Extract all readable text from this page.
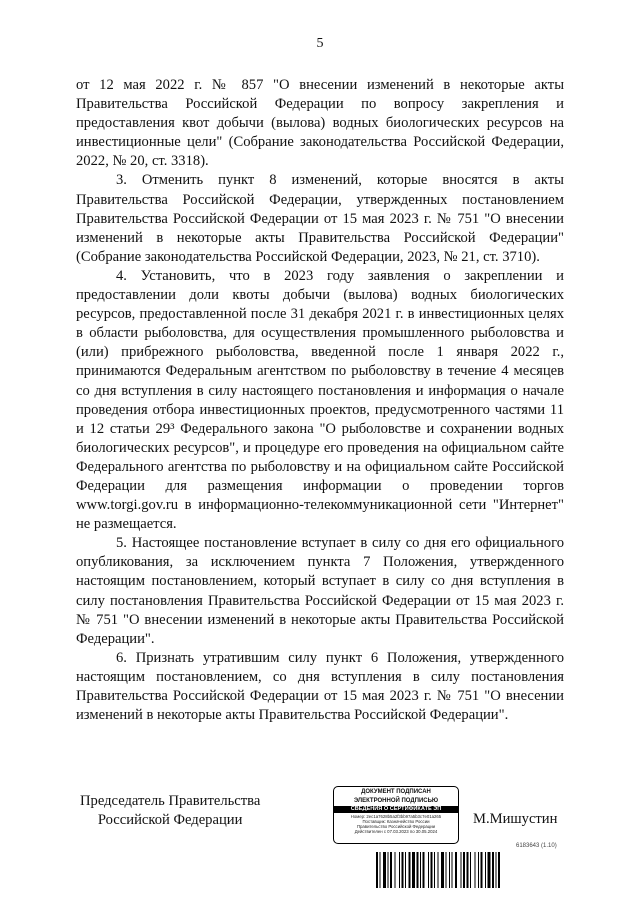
5

от 12 мая 2022 г. № 857 "О внесении изменений в некоторые акты Правительства Российской Федерации по вопросу закрепления и предоставления квот добычи (вылова) водных биологических ресурсов на инвестиционные цели" (Собрание законодательства Российской Федерации, 2022, № 20, ст. 3318).

3. Отменить пункт 8 изменений, которые вносятся в акты Правительства Российской Федерации, утвержденных постановлением Правительства Российской Федерации от 15 мая 2023 г. № 751 "О внесении изменений в некоторые акты Правительства Российской Федерации" (Собрание законодательства Российской Федерации, 2023, № 21, ст. 3710).

4. Установить, что в 2023 году заявления о закреплении и предоставлении доли квоты добычи (вылова) водных биологических ресурсов, предоставленной после 31 декабря 2021 г. в инвестиционных целях в области рыболовства, для осуществления промышленного рыболовства и (или) прибрежного рыболовства, введенной после 1 января 2022 г., принимаются Федеральным агентством по рыболовству в течение 4 месяцев со дня вступления в силу настоящего постановления и информация о начале проведения отбора инвестиционных проектов, предусмотренного частями 11 и 12 статьи 29³ Федерального закона "О рыболовстве и сохранении водных биологических ресурсов", и процедуре его проведения на официальном сайте Федерального агентства по рыболовству и на официальном сайте Российской Федерации для размещения информации о проведении торгов www.torgi.gov.ru в информационно-телекоммуникационной сети "Интернет" не размещается.

5. Настоящее постановление вступает в силу со дня его официального опубликования, за исключением пункта 7 Положения, утвержденного настоящим постановлением, который вступает в силу со дня вступления в силу постановления Правительства Российской Федерации от 15 мая 2023 г. № 751 "О внесении изменений в некоторые акты Правительства Российской Федерации".

6. Признать утратившим силу пункт 6 Положения, утвержденного настоящим постановлением, со дня вступления в силу постановления Правительства Российской Федерации от 15 мая 2023 г. № 751 "О внесении изменений в некоторые акты Правительства Российской Федерации".

Председатель Правительства
Российской Федерации
ДОКУМЕНТ ПОДПИСАН
ЭЛЕКТРОННОЙ ПОДПИСЬЮ
СВЕДЕНИЯ О СЕРТИФИКАТЕ ЭП
Номер: 2ec1a7628b5a2f3bb97a5b3c7e01a265
Поставщик: Казначейство России
Правительство Российской Федерации
Действителен с 07.03.2023 по 30.05.2024
М.Мишустин
6183643 (1.10)
